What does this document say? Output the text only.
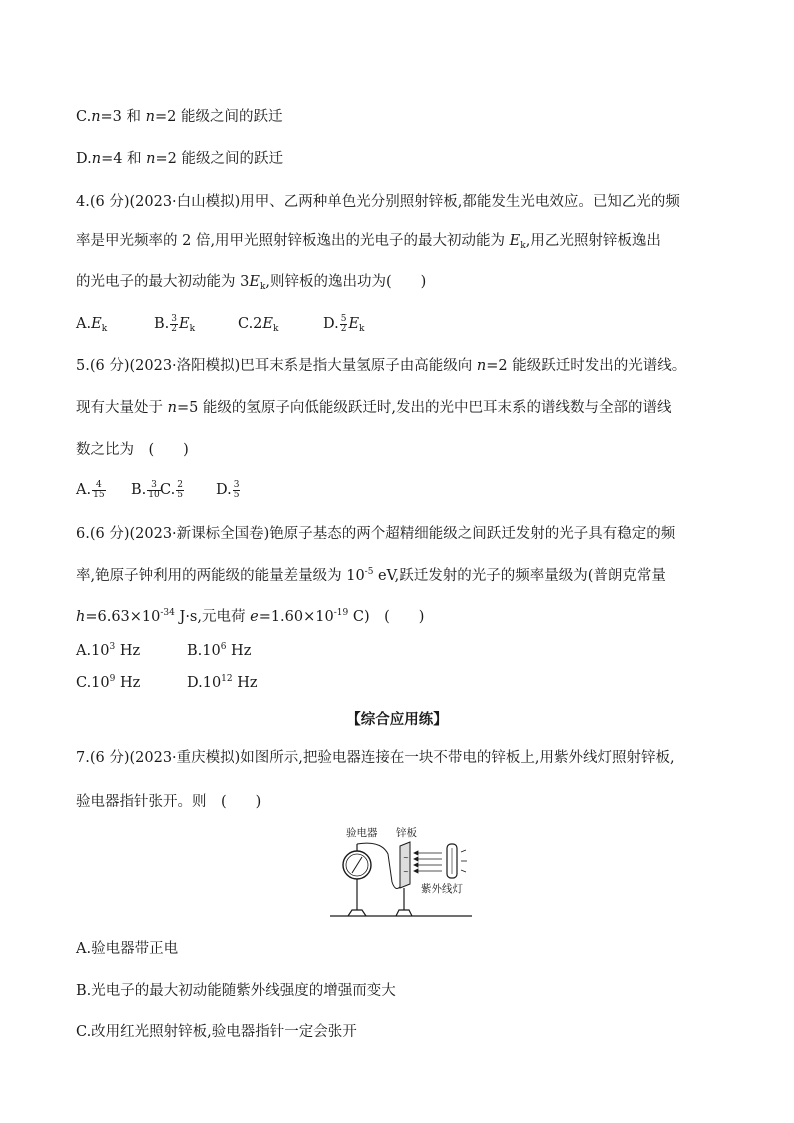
C.n=3 和 n=2 能级之间的跃迁
D.n=4 和 n=2 能级之间的跃迁
4.(6 分)(2023·白山模拟)用甲、乙两种单色光分别照射锌板,都能发生光电效应。已知乙光的频
率是甲光频率的 2 倍,用甲光照射锌板逸出的光电子的最大初动能为 $E_k$,用乙光照射锌板逸出
的光电子的最大初动能为 $3E_k$,则锌板的逸出功为(　　)
$A.E_k$	B. $\frac{3}{2} E_k$	$C.2E_k$	D. $\frac{5}{2} E_k$
5.(6 分)(2023·洛阳模拟)巴耳末系是指大量氢原子由高能级向 n=2 能级跃迁时发出的光谱线。
现有大量处于 n=5 能级的氢原子向低能级跃迁时,发出的光中巴耳末系的谱线数与全部的谱线
数之比为　(　　)
A. $\frac{4}{15} B$. $\frac{3}{10} C$. $\frac{2}{5} D$. $\frac{3}{5}$
6.(6 分)(2023·新课标全国卷)铯原子基态的两个超精细能级之间跃迁发射的光子具有稳定的频
率,铯原子钟利用的两能级的能量差量级为 $10^{-5}$ eV,跃迁发射的光子的频率量级为(普朗克常量
$h=6.63\times 10^{-34}$ J·s,元电荷 $e=1.60\times 10^{-19}$ C)　(　　)
$A.10^3$ Hz	$B.10^6$ Hz
$C.10^9$ Hz	$D.10^{12}$ Hz
【综合应用练】
7.(6 分)(2023·重庆模拟)如图所示,把验电器连接在一块不带电的锌板上,用紫外线灯照射锌板,
验电器指针张开。则　(　　)
验电器 锌板
紫外线灯
~
~
A.验电器带正电
B.光电子的最大初动能随紫外线强度的增强而变大
C.改用红光照射锌板,验电器指针一定会张开
